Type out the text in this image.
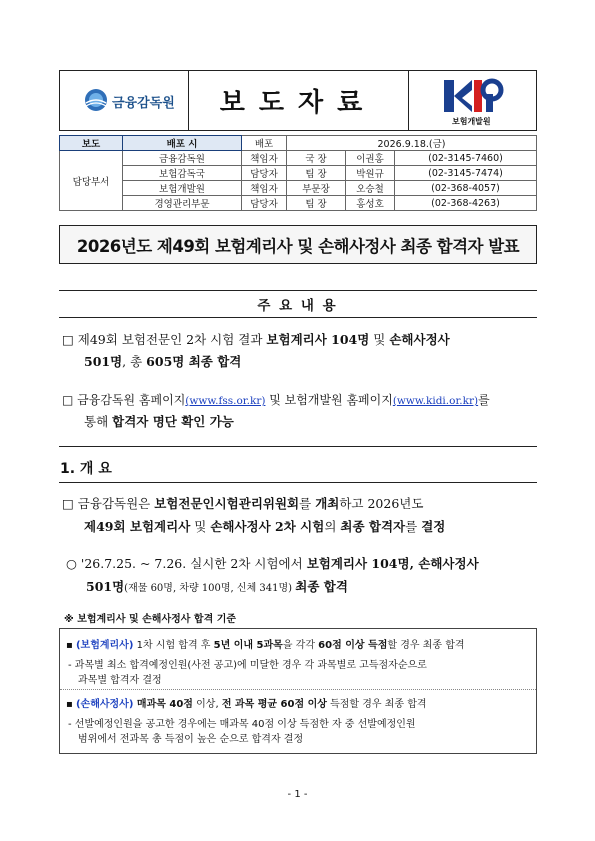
금융감독원 보도자료
보험개발원
보도	배포 시	배포	2026.9.18.(금)		
담당부서	금융감독원	책임자	국 장	이권홍	(02-3145-7460)
	보험감독국	담당자	팀 장	박원규	(02-3145-7474)
	보험개발원	책임자	부문장	오승철	(02-368-4057)
	경영관리부문	담당자	팀 장	홍성호	(02-368-4263)
2026년도 제49회 보험계리사 및 손해사정사 최종 합격자 발표
주 요 내 용
□ 제49회 보험전문인 2차 시험 결과 보험계리사 104명 및 손해사정사
501명, 총 605명 최종 합격
□ 금융감독원 홈페이지(www.fss.or.kr) 및 보험개발원 홈페이지(www.kidi.or.kr)를
통해 합격자 명단 확인 가능
1. 개 요
□ 금융감독원은 보험전문인시험관리위원회를 개최하고 2026년도
제49회 보험계리사 및 손해사정사 2차 시험의 최종 합격자를 결정
○ '26.7.25. ~ 7.26. 실시한 2차 시험에서 보험계리사 104명, 손해사정사
501명(재물 60명, 차량 100명, 신체 341명) 최종 합격
※ 보험계리사 및 손해사정사 합격 기준
▪ (보험계리사) 1차 시험 합격 후 5년 이내 5과목을 각각 60점 이상 득점할 경우 최종 합격
- 과목별 최소 합격예정인원(사전 공고)에 미달한 경우 각 과목별로 고득점자순으로
과목별 합격자 결정
▪ (손해사정사) 매과목 40점 이상, 전 과목 평균 60점 이상 득점할 경우 최종 합격
- 선발예정인원을 공고한 경우에는 매과목 40점 이상 득점한 자 중 선발예정인원
범위에서 전과목 총 득점이 높은 순으로 합격자 결정
- 1 -
